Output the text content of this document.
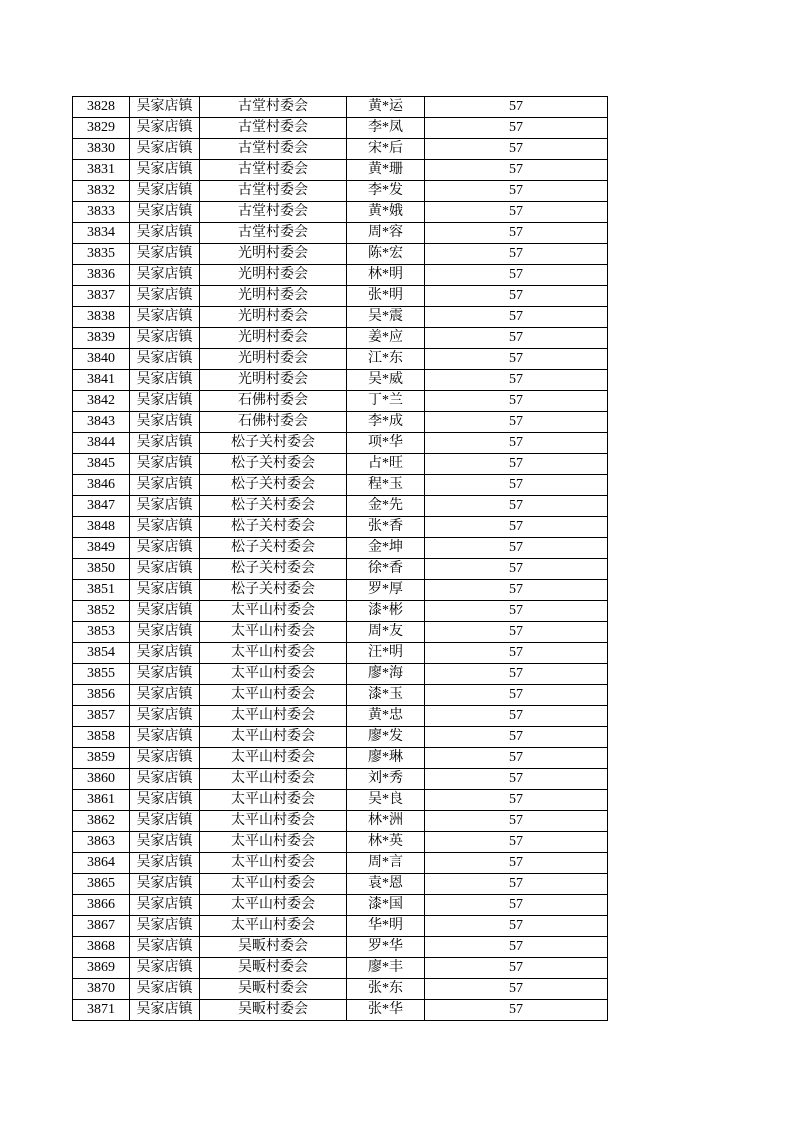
3828	吴家店镇	古堂村委会	黄*运	57
3829	吴家店镇	古堂村委会	李*凤	57
3830	吴家店镇	古堂村委会	宋*后	57
3831	吴家店镇	古堂村委会	黄*珊	57
3832	吴家店镇	古堂村委会	李*发	57
3833	吴家店镇	古堂村委会	黄*娥	57
3834	吴家店镇	古堂村委会	周*容	57
3835	吴家店镇	光明村委会	陈*宏	57
3836	吴家店镇	光明村委会	林*明	57
3837	吴家店镇	光明村委会	张*明	57
3838	吴家店镇	光明村委会	吴*震	57
3839	吴家店镇	光明村委会	姜*应	57
3840	吴家店镇	光明村委会	江*东	57
3841	吴家店镇	光明村委会	吴*威	57
3842	吴家店镇	石佛村委会	丁*兰	57
3843	吴家店镇	石佛村委会	李*成	57
3844	吴家店镇	松子关村委会	项*华	57
3845	吴家店镇	松子关村委会	占*旺	57
3846	吴家店镇	松子关村委会	程*玉	57
3847	吴家店镇	松子关村委会	金*先	57
3848	吴家店镇	松子关村委会	张*香	57
3849	吴家店镇	松子关村委会	金*坤	57
3850	吴家店镇	松子关村委会	徐*香	57
3851	吴家店镇	松子关村委会	罗*厚	57
3852	吴家店镇	太平山村委会	漆*彬	57
3853	吴家店镇	太平山村委会	周*友	57
3854	吴家店镇	太平山村委会	汪*明	57
3855	吴家店镇	太平山村委会	廖*海	57
3856	吴家店镇	太平山村委会	漆*玉	57
3857	吴家店镇	太平山村委会	黄*忠	57
3858	吴家店镇	太平山村委会	廖*发	57
3859	吴家店镇	太平山村委会	廖*琳	57
3860	吴家店镇	太平山村委会	刘*秀	57
3861	吴家店镇	太平山村委会	吴*良	57
3862	吴家店镇	太平山村委会	林*洲	57
3863	吴家店镇	太平山村委会	林*英	57
3864	吴家店镇	太平山村委会	周*言	57
3865	吴家店镇	太平山村委会	袁*恩	57
3866	吴家店镇	太平山村委会	漆*国	57
3867	吴家店镇	太平山村委会	华*明	57
3868	吴家店镇	吴畈村委会	罗*华	57
3869	吴家店镇	吴畈村委会	廖*丰	57
3870	吴家店镇	吴畈村委会	张*东	57
3871	吴家店镇	吴畈村委会	张*华	57
